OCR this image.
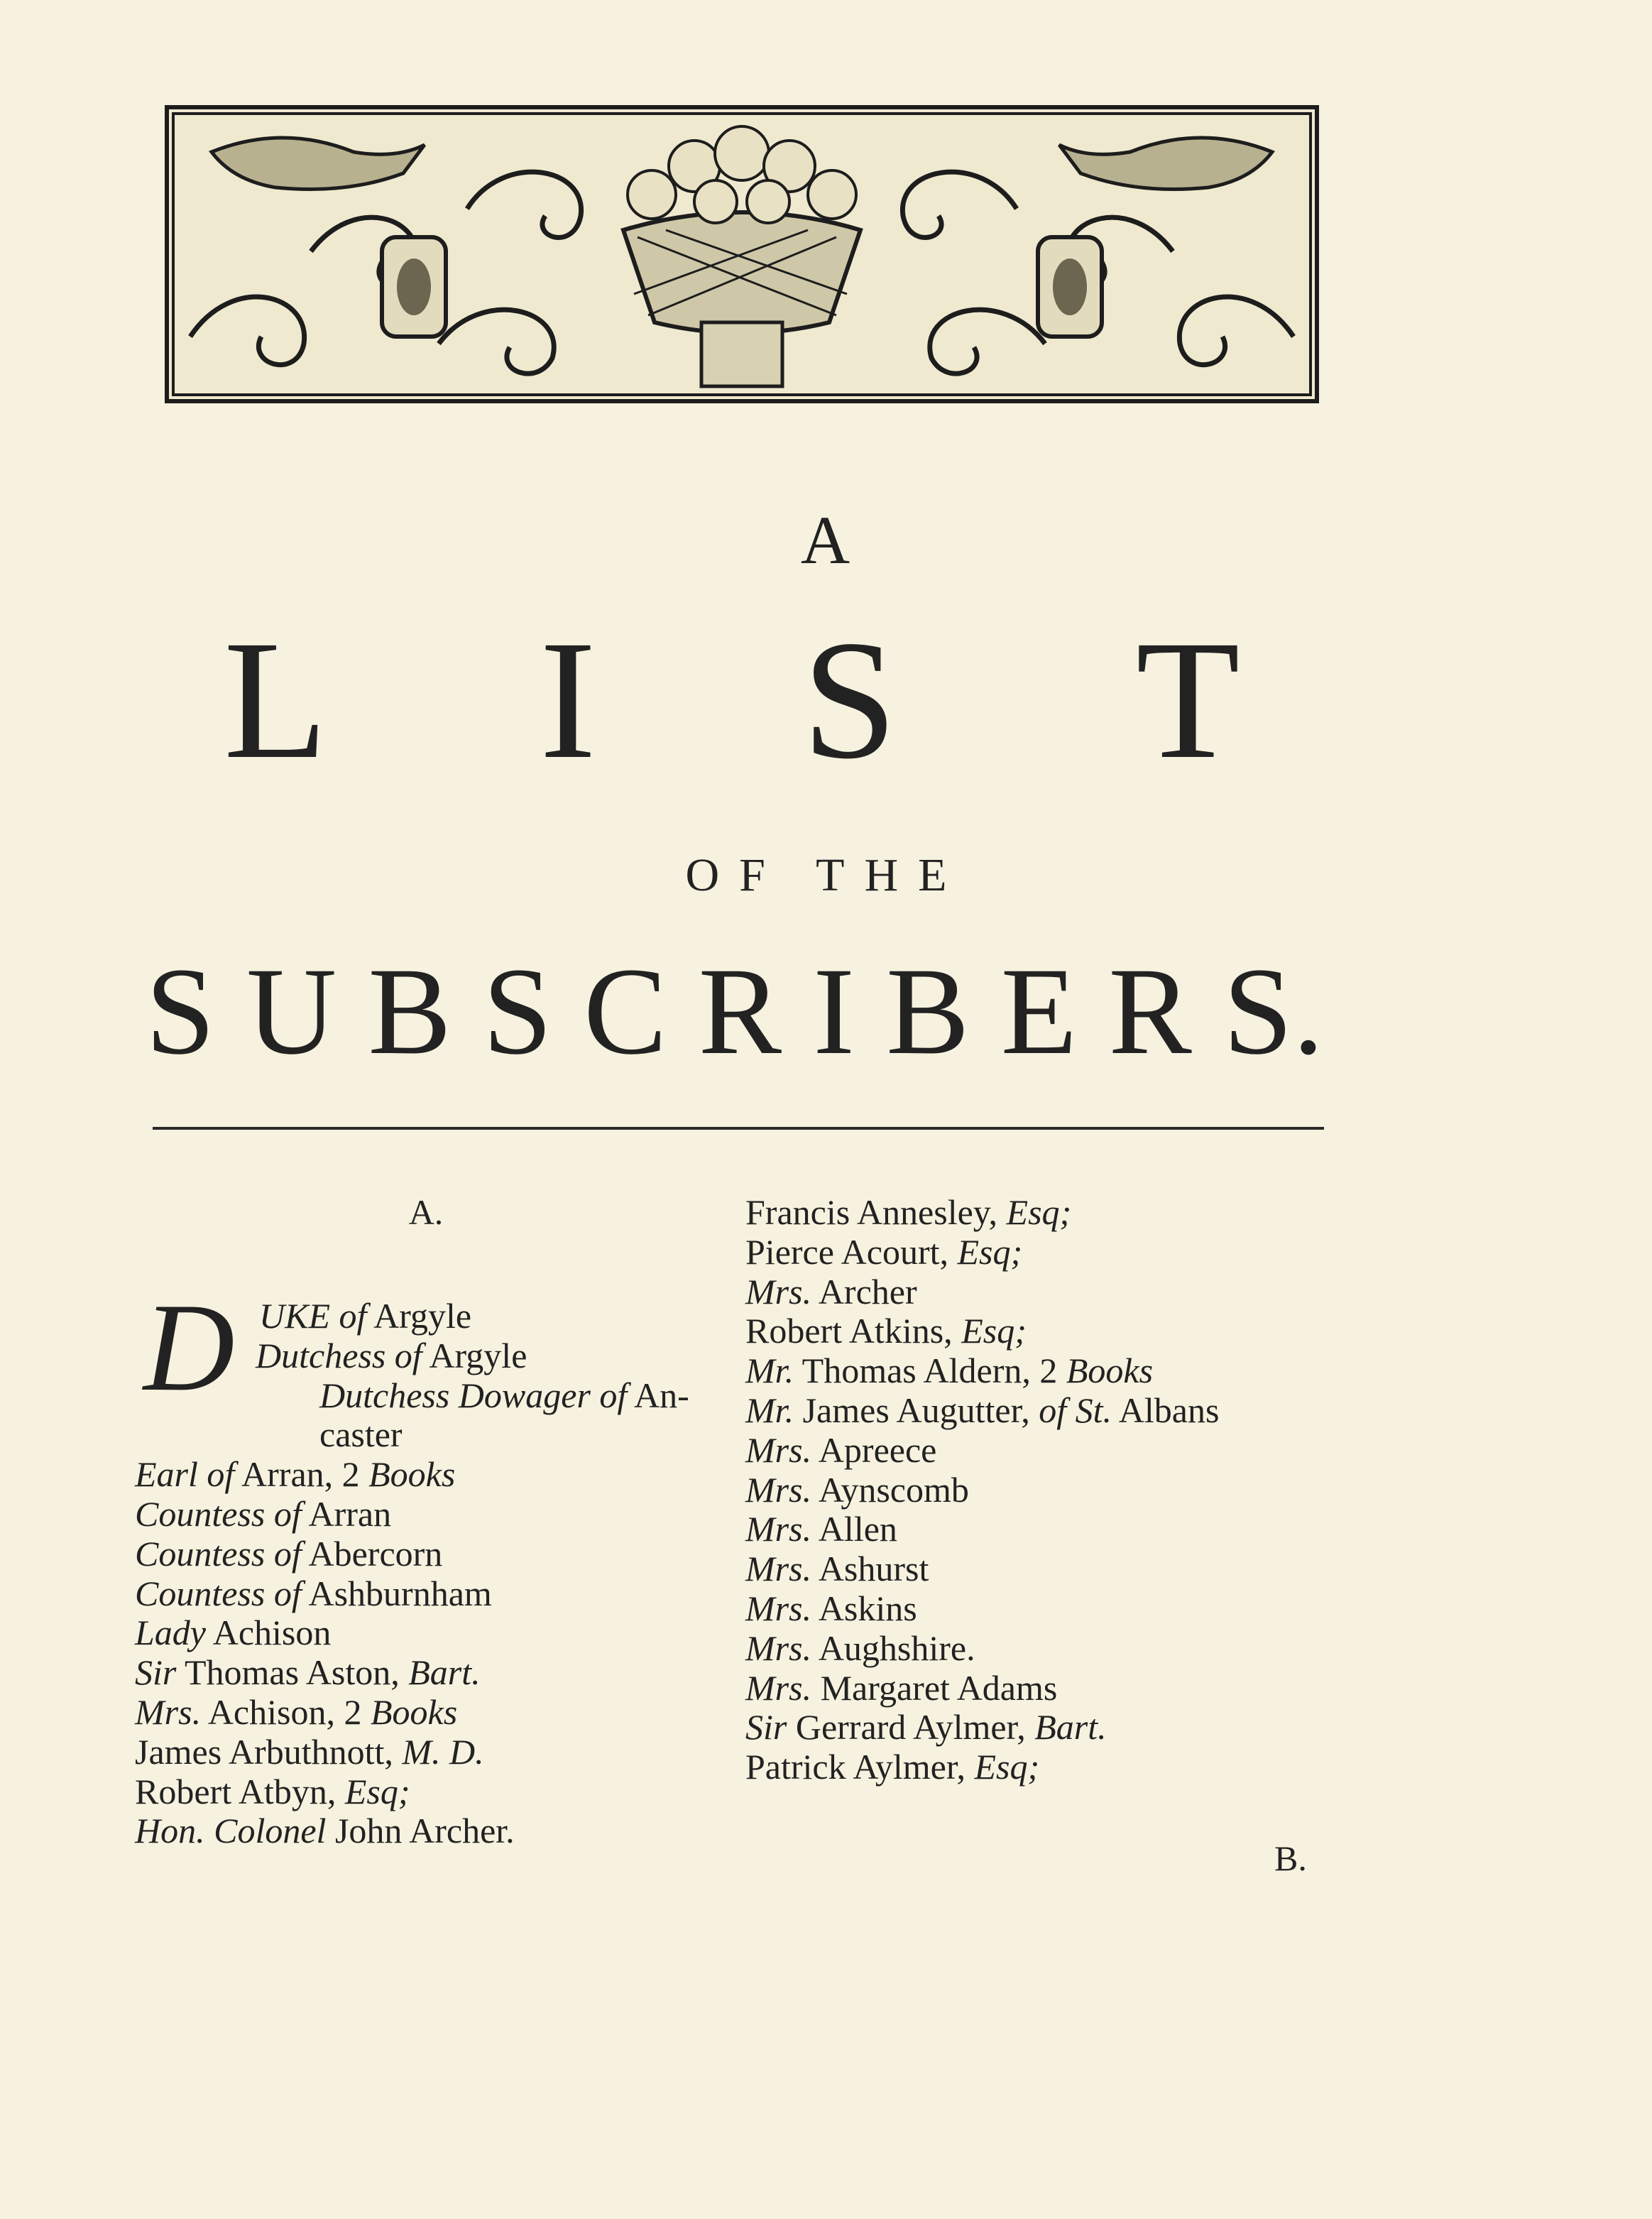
A
L I S T
OF THE
S U B S C R I B E R S.
A.
D UKE of Argyle
Dutchess of Argyle
Dutchess Dowager of An-
caster
Earl of Arran, 2 Books
Countess of Arran
Countess of Abercorn
Countess of Ashburnham
Lady Achison
Sir Thomas Aston, Bart.
Mrs. Achison, 2 Books
James Arbuthnott, M. D.
Robert Atbyn, Esq;
Hon. Colonel John Archer.
Francis Annesley, Esq;
Pierce Acourt, Esq;
Mrs. Archer
Robert Atkins, Esq;
Mr. Thomas Aldern, 2 Books
Mr. James Augutter, of St. Albans
Mrs. Apreece
Mrs. Aynscomb
Mrs. Allen
Mrs. Ashurst
Mrs. Askins
Mrs. Aughshire.
Mrs. Margaret Adams
Sir Gerrard Aylmer, Bart.
Patrick Aylmer, Esq;
B.
